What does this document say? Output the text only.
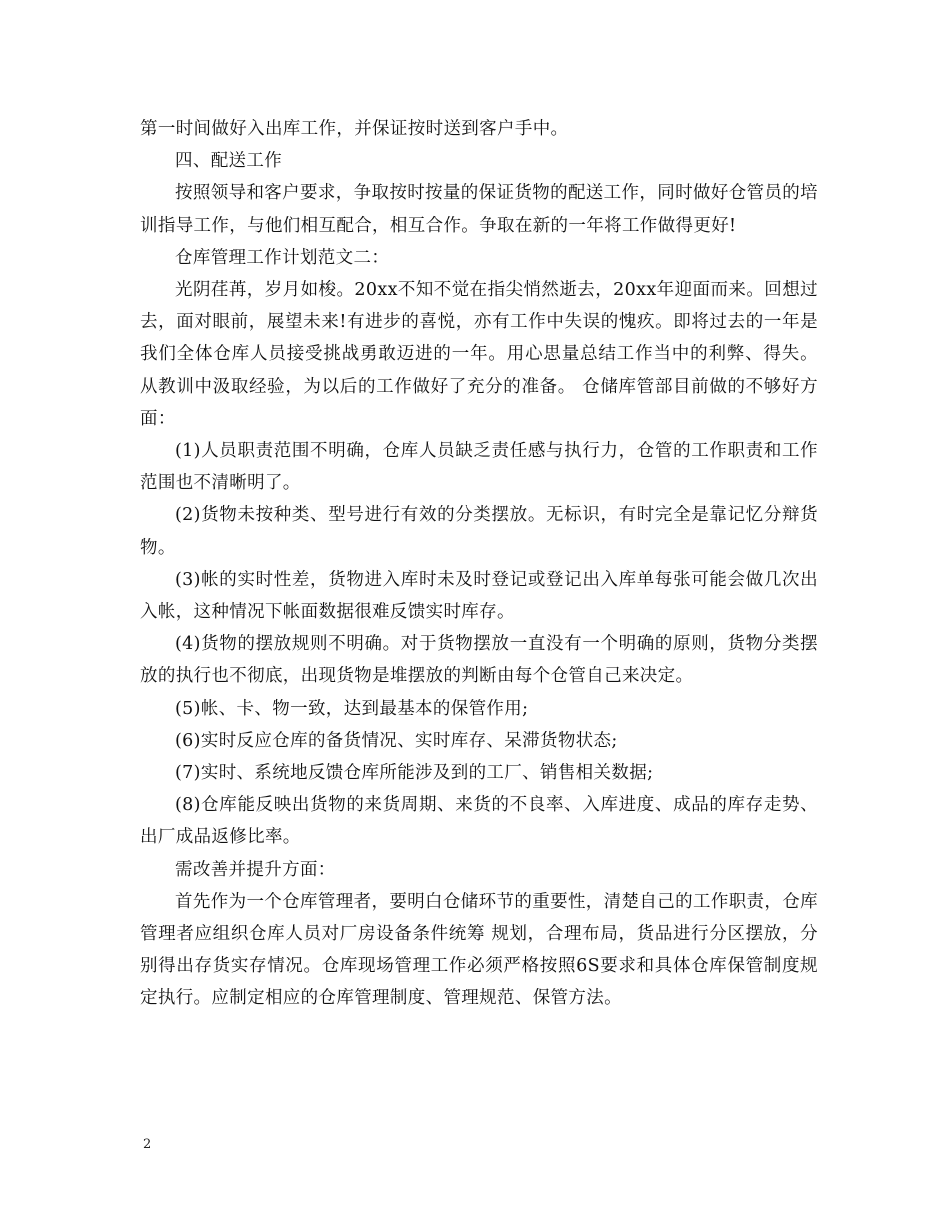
第一时间做好入出库工作，并保证按时送到客户手中。

四、配送工作

按照领导和客户要求，争取按时按量的保证货物的配送工作，同时做好仓管员的培训指导工作，与他们相互配合，相互合作。争取在新的一年将工作做得更好!

仓库管理工作计划范文二：

光阴荏苒，岁月如梭。20xx不知不觉在指尖悄然逝去，20xx年迎面而来。回想过去，面对眼前，展望未来!有进步的喜悦，亦有工作中失误的愧疚。即将过去的一年是我们全体仓库人员接受挑战勇敢迈进的一年。用心思量总结工作当中的利弊、得失。从教训中汲取经验，为以后的工作做好了充分的准备。 仓储库管部目前做的不够好方面：

(1)人员职责范围不明确，仓库人员缺乏责任感与执行力，仓管的工作职责和工作范围也不清晰明了。

(2)货物未按种类、型号进行有效的分类摆放。无标识，有时完全是靠记忆分辩货物。

(3)帐的实时性差，货物进入库时未及时登记或登记出入库单每张可能会做几次出入帐，这种情况下帐面数据很难反馈实时库存。

(4)货物的摆放规则不明确。对于货物摆放一直没有一个明确的原则，货物分类摆放的执行也不彻底，出现货物是堆摆放的判断由每个仓管自己来决定。

(5)帐、卡、物一致，达到最基本的保管作用;

(6)实时反应仓库的备货情况、实时库存、呆滞货物状态;

(7)实时、系统地反馈仓库所能涉及到的工厂、销售相关数据;

(8)仓库能反映出货物的来货周期、来货的不良率、入库进度、成品的库存走势、出厂成品返修比率。

需改善并提升方面：

首先作为一个仓库管理者，要明白仓储环节的重要性，清楚自己的工作职责，仓库管理者应组织仓库人员对厂房设备条件统筹 规划，合理布局，货品进行分区摆放，分别得出存货实存情况。仓库现场管理工作必须严格按照6S要求和具体仓库保管制度规定执行。应制定相应的仓库管理制度、管理规范、保管方法。

2
